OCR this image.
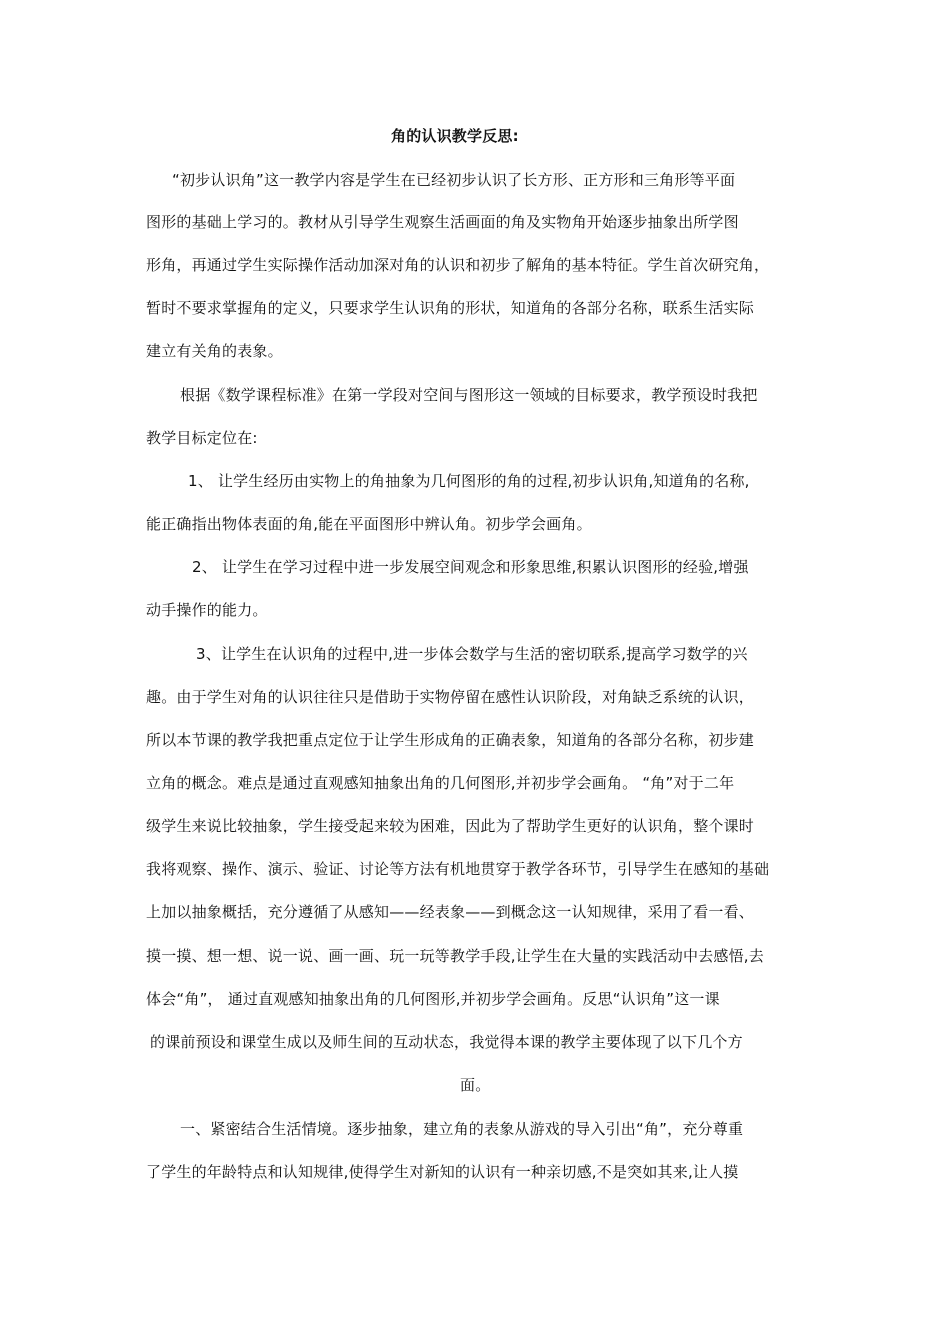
角的认识教学反思:
“初步认识角”这一教学内容是学生在已经初步认识了长方形、正方形和三角形等平面
图形的基础上学习的。教材从引导学生观察生活画面的角及实物角开始逐步抽象出所学图
形角，再通过学生实际操作活动加深对角的认识和初步了解角的基本特征。学生首次研究角，
暂时不要求掌握角的定义，只要求学生认识角的形状，知道角的各部分名称，联系生活实际
建立有关角的表象。
根据《数学课程标准》在第一学段对空间与图形这一领域的目标要求，教学预设时我把
教学目标定位在:
1、 让学生经历由实物上的角抽象为几何图形的角的过程,初步认识角,知道角的名称,
能正确指出物体表面的角,能在平面图形中辨认角。初步学会画角。
2、 让学生在学习过程中进一步发展空间观念和形象思维,积累认识图形的经验,增强
动手操作的能力。
3、让学生在认识角的过程中,进一步体会数学与生活的密切联系,提高学习数学的兴
趣。由于学生对角的认识往往只是借助于实物停留在感性认识阶段，对角缺乏系统的认识，
所以本节课的教学我把重点定位于让学生形成角的正确表象，知道角的各部分名称，初步建
立角的概念。难点是通过直观感知抽象出角的几何图形,并初步学会画角。 “角”对于二年
级学生来说比较抽象，学生接受起来较为困难，因此为了帮助学生更好的认识角，整个课时
我将观察、操作、演示、验证、讨论等方法有机地贯穿于教学各环节，引导学生在感知的基础
上加以抽象概括，充分遵循了从感知——经表象——到概念这一认知规律，采用了看一看、
摸一摸、想一想、说一说、画一画、玩一玩等教学手段,让学生在大量的实践活动中去感悟,去
体会“角”， 通过直观感知抽象出角的几何图形,并初步学会画角。反思“认识角”这一课
的课前预设和课堂生成以及师生间的互动状态，我觉得本课的教学主要体现了以下几个方
面。
一、紧密结合生活情境。逐步抽象，建立角的表象从游戏的导入引出“角”，充分尊重
了学生的年龄特点和认知规律,使得学生对新知的认识有一种亲切感,不是突如其来,让人摸
